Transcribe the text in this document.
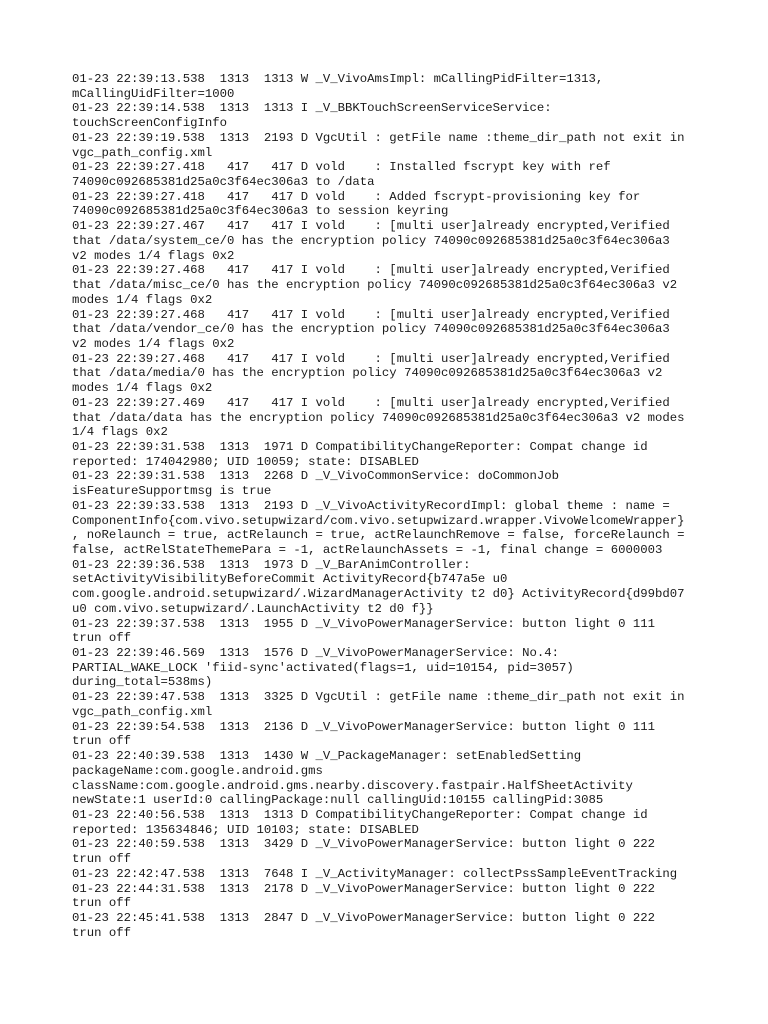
01-23 22:39:13.538  1313  1313 W _V_VivoAmsImpl: mCallingPidFilter=1313,
mCallingUidFilter=1000
01-23 22:39:14.538  1313  1313 I _V_BBKTouchScreenServiceService:
touchScreenConfigInfo
01-23 22:39:19.538  1313  2193 D VgcUtil : getFile name :theme_dir_path not exit in
vgc_path_config.xml
01-23 22:39:27.418   417   417 D vold    : Installed fscrypt key with ref
74090c092685381d25a0c3f64ec306a3 to /data
01-23 22:39:27.418   417   417 D vold    : Added fscrypt-provisioning key for
74090c092685381d25a0c3f64ec306a3 to session keyring
01-23 22:39:27.467   417   417 I vold    : [multi user]already encrypted,Verified
that /data/system_ce/0 has the encryption policy 74090c092685381d25a0c3f64ec306a3
v2 modes 1/4 flags 0x2
01-23 22:39:27.468   417   417 I vold    : [multi user]already encrypted,Verified
that /data/misc_ce/0 has the encryption policy 74090c092685381d25a0c3f64ec306a3 v2
modes 1/4 flags 0x2
01-23 22:39:27.468   417   417 I vold    : [multi user]already encrypted,Verified
that /data/vendor_ce/0 has the encryption policy 74090c092685381d25a0c3f64ec306a3
v2 modes 1/4 flags 0x2
01-23 22:39:27.468   417   417 I vold    : [multi user]already encrypted,Verified
that /data/media/0 has the encryption policy 74090c092685381d25a0c3f64ec306a3 v2
modes 1/4 flags 0x2
01-23 22:39:27.469   417   417 I vold    : [multi user]already encrypted,Verified
that /data/data has the encryption policy 74090c092685381d25a0c3f64ec306a3 v2 modes
1/4 flags 0x2
01-23 22:39:31.538  1313  1971 D CompatibilityChangeReporter: Compat change id
reported: 174042980; UID 10059; state: DISABLED
01-23 22:39:31.538  1313  2268 D _V_VivoCommonService: doCommonJob
isFeatureSupportmsg is true
01-23 22:39:33.538  1313  2193 D _V_VivoActivityRecordImpl: global theme : name =
ComponentInfo{com.vivo.setupwizard/com.vivo.setupwizard.wrapper.VivoWelcomeWrapper}
, noRelaunch = true, actRelaunch = true, actRelaunchRemove = false, forceRelaunch =
false, actRelStateThemePara = -1, actRelaunchAssets = -1, final change = 6000003
01-23 22:39:36.538  1313  1973 D _V_BarAnimController:
setActivityVisibilityBeforeCommit ActivityRecord{b747a5e u0
com.google.android.setupwizard/.WizardManagerActivity t2 d0} ActivityRecord{d99bd07
u0 com.vivo.setupwizard/.LaunchActivity t2 d0 f}}
01-23 22:39:37.538  1313  1955 D _V_VivoPowerManagerService: button light 0 111
trun off
01-23 22:39:46.569  1313  1576 D _V_VivoPowerManagerService: No.4:
PARTIAL_WAKE_LOCK 'fiid-sync'activated(flags=1, uid=10154, pid=3057)
during_total=538ms)
01-23 22:39:47.538  1313  3325 D VgcUtil : getFile name :theme_dir_path not exit in
vgc_path_config.xml
01-23 22:39:54.538  1313  2136 D _V_VivoPowerManagerService: button light 0 111
trun off
01-23 22:40:39.538  1313  1430 W _V_PackageManager: setEnabledSetting
packageName:com.google.android.gms
className:com.google.android.gms.nearby.discovery.fastpair.HalfSheetActivity
newState:1 userId:0 callingPackage:null callingUid:10155 callingPid:3085
01-23 22:40:56.538  1313  1313 D CompatibilityChangeReporter: Compat change id
reported: 135634846; UID 10103; state: DISABLED
01-23 22:40:59.538  1313  3429 D _V_VivoPowerManagerService: button light 0 222
trun off
01-23 22:42:47.538  1313  7648 I _V_ActivityManager: collectPssSampleEventTracking
01-23 22:44:31.538  1313  2178 D _V_VivoPowerManagerService: button light 0 222
trun off
01-23 22:45:41.538  1313  2847 D _V_VivoPowerManagerService: button light 0 222
trun off
